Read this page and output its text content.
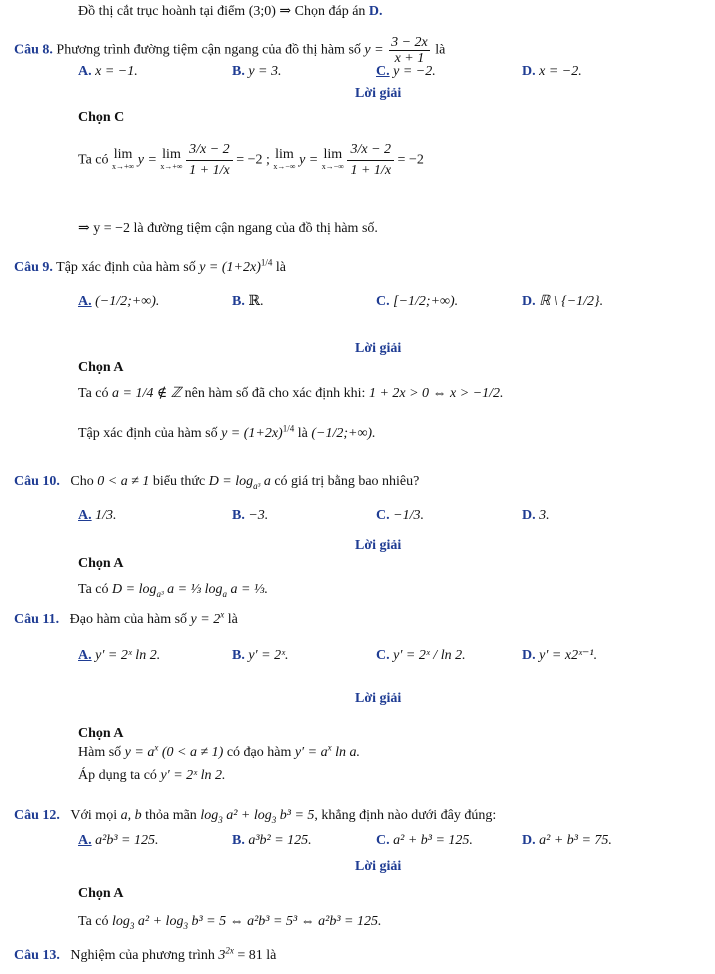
Đồ thị cắt trục hoành tại điểm (3;0) ⇒ Chọn đáp án D.
Câu 8. Phương trình đường tiệm cận ngang của đồ thị hàm số $y = \frac{3 - 2x}{x + 1}$ là
A. x = −1.	B. y = 3.	C. y = −2.	D. x = −2.
Lời giải
Chọn C
Ta có lim
x→+∞ y = lim
x→+∞
$\frac{3/x - 2}{1 + 1/x} = -2$ ; lim
x→−∞ y = lim
x→−∞
$\frac{3/x - 2}{1 + 1/x} = -2$
⇒ y = −2 là đường tiệm cận ngang của đồ thị hàm số.
Câu 9. Tập xác định của hàm số $y = (1+2x)^{1/4}$ là
A. (−1/2;+∞).	B. ℝ.	C. [−1/2;+∞).	D. ℝ \ {−1/2}.
Lời giải
Chọn A
Ta có a = 1/4 ∉ ℤ nên hàm số đã cho xác định khi: 1 + 2x > 0 ⇔ x > −1/2.
Tập xác định của hàm số $y = (1+2x)^{1/4}$ là (−1/2;+∞).
Câu 10. Cho 0 < a ≠ 1 biểu thức $D = \log_{a^3} a$ có giá trị bằng bao nhiêu?
A. 1/3.	B. −3.	C. −1/3.	D. 3.
Lời giải
Chọn A
Ta có $D = \log_{a^3} a$ = ⅓ $\log_a a$ = ⅓.
Câu 11. Đạo hàm của hàm số $y = 2^x$ là
A. y′ = 2ˣ ln 2.	B. y′ = 2ˣ.	C. y′ = 2ˣ / ln 2.	D. y′ = x2ˣ⁻¹.
Lời giải
Chọn A
Hàm số $y = a^x$ (0 < a ≠ 1) có đạo hàm $y' = a^x$ ln a.
Áp dụng ta có y′ = 2ˣ ln 2.
Câu 12. Với mọi a, b thỏa mãn $\log_3 a^2 + \log_3 b^3 = 5$, khẳng định nào dưới đây đúng:
A. a²b³ = 125.	B. a³b² = 125.	C. a² + b³ = 125.	D. a² + b³ = 75.
Lời giải
Chọn A
Ta có $\log_3 a^2 + \log_3 b^3 = 5$ ⇔ a²b³ = 5³ ⇔ a²b³ = 125.
Câu 13. Nghiệm của phương trình $3^{2x} = 81$ là
